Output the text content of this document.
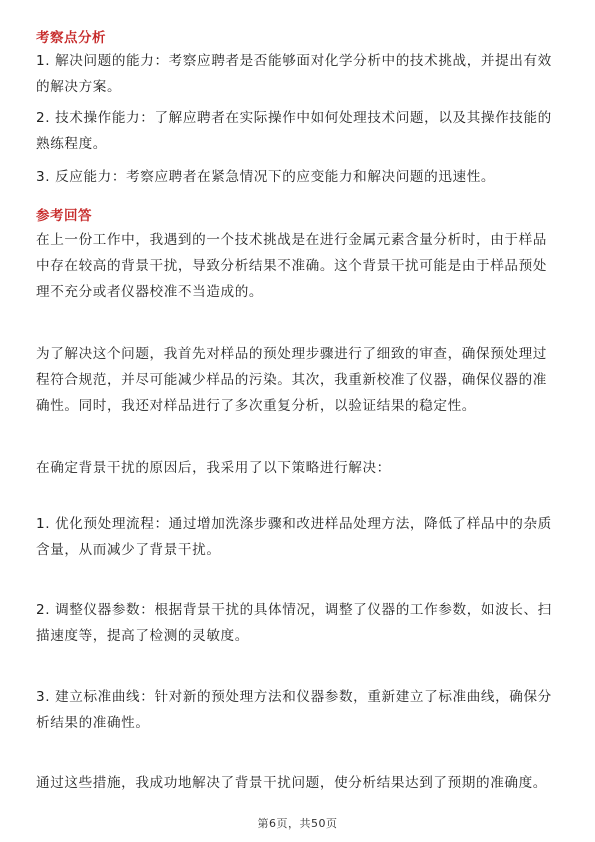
考察点分析
1. 解决问题的能力：考察应聘者是否能够面对化学分析中的技术挑战，并提出有效的解决方案。
2. 技术操作能力：了解应聘者在实际操作中如何处理技术问题，以及其操作技能的熟练程度。
3. 反应能力：考察应聘者在紧急情况下的应变能力和解决问题的迅速性。
参考回答
在上一份工作中，我遇到的一个技术挑战是在进行金属元素含量分析时，由于样品中存在较高的背景干扰，导致分析结果不准确。这个背景干扰可能是由于样品预处理不充分或者仪器校准不当造成的。
为了解决这个问题，我首先对样品的预处理步骤进行了细致的审查，确保预处理过程符合规范，并尽可能减少样品的污染。其次，我重新校准了仪器，确保仪器的准确性。同时，我还对样品进行了多次重复分析，以验证结果的稳定性。
在确定背景干扰的原因后，我采用了以下策略进行解决：
1. 优化预处理流程：通过增加洗涤步骤和改进样品处理方法，降低了样品中的杂质含量，从而减少了背景干扰。
2. 调整仪器参数：根据背景干扰的具体情况，调整了仪器的工作参数，如波长、扫描速度等，提高了检测的灵敏度。
3. 建立标准曲线：针对新的预处理方法和仪器参数，重新建立了标准曲线，确保分析结果的准确性。
通过这些措施，我成功地解决了背景干扰问题，使分析结果达到了预期的准确度。
第6页，共50页
